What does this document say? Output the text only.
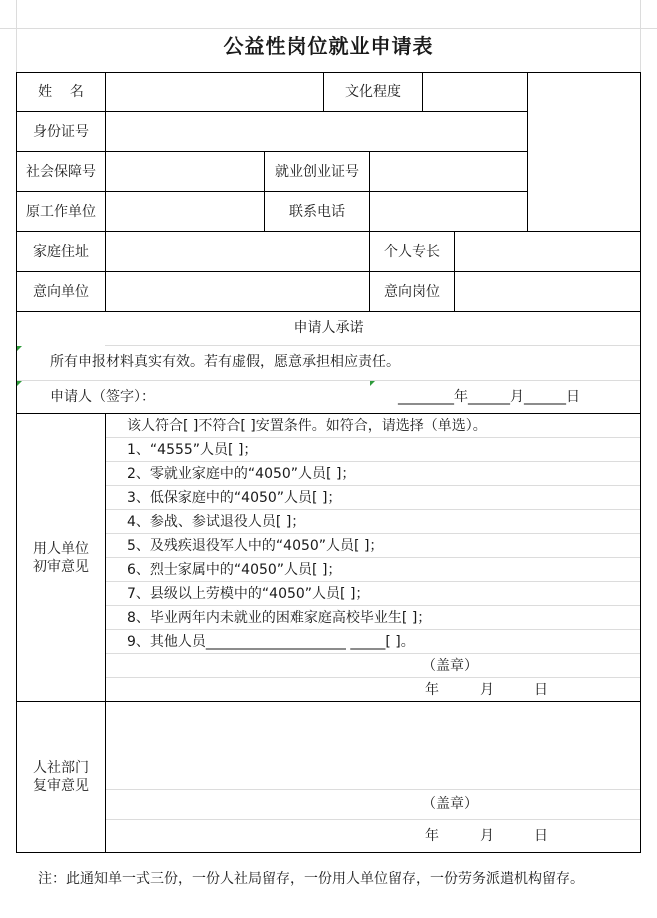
公益性岗位就业申请表
姓    名	文化程度
身份证号
社会保障号	就业创业证号
原工作单位	联系电话
家庭住址	个人专长
意向单位	意向岗位
申请人承诺
所有申报材料真实有效。若有虚假，愿意承担相应责任。
申请人（签字）：	________年______月______日
用人单位
初审意见
该人符合[ ]不符合[ ]安置条件。如符合，请选择（单选）。
1、“4555”人员[ ]；
2、零就业家庭中的“4050”人员[ ]；
3、低保家庭中的“4050”人员[ ]；
4、参战、参试退役人员[ ]；
5、及残疾退役军人中的“4050”人员[ ]；
6、烈士家属中的“4050”人员[ ]；
7、县级以上劳模中的“4050”人员[ ]；
8、毕业两年内未就业的困难家庭高校毕业生[ ]；
9、其他人员____________________ _____[ ]。
（盖章）
年	月	日
人社部门
复审意见
（盖章）
年	月	日
注：此通知单一式三份，一份人社局留存，一份用人单位留存，一份劳务派遣机构留存。
